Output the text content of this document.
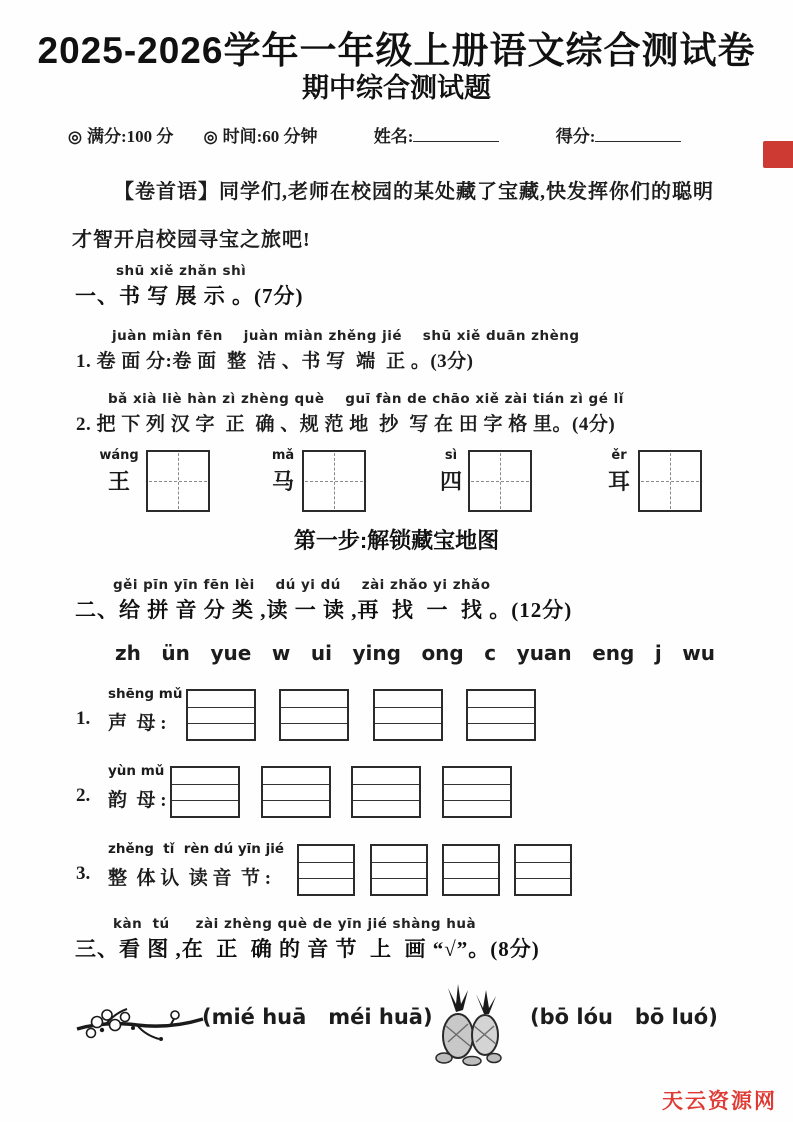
2025-2026学年一年级上册语文综合测试卷
期中综合测试题
◎ 满分:100 分 ◎ 时间:60 分钟	姓名:	得分:
【卷首语】同学们,老师在校园的某处藏了宝藏,快发挥你们的聪明才智开启校园寻宝之旅吧!
shū xiě zhǎn shì
一、书 写 展 示 。(7分)
juàn miàn fēn    juàn miàn zhěng jié    shū xiě duān zhèng
1. 卷 面 分:卷 面  整  洁 、书 写  端  正 。(3分)
bǎ xià liè hàn zì zhèng què    guī fàn de chāo xiě zài tián zì gé lǐ
2. 把 下 列 汉 字  正  确 、规 范 地  抄  写 在 田 字 格 里。(4分)
wáng
王
mǎ
马
sì
四
ěr
耳
第一步:解锁藏宝地图
gěi pīn yīn fēn lèi    dú yi dú    zài zhǎo yi zhǎo
二、给 拼 音 分 类 ,读 一 读 ,再  找  一  找 。(12分)
zh ün yue w ui ying ong c yuan eng j wu
1.
shēng mǔ
声  母 :
2.
yùn mǔ
韵  母 :
3.
zhěng  tǐ  rèn dú yīn jié
整  体 认  读 音  节 :
kàn  tú     zài zhèng què de yīn jié shàng huà
三、看 图 ,在  正  确 的 音 节  上  画 “√”。(8分)
(mié huā   méi huā)	(bō lóu   bō luó)
天云资源网
